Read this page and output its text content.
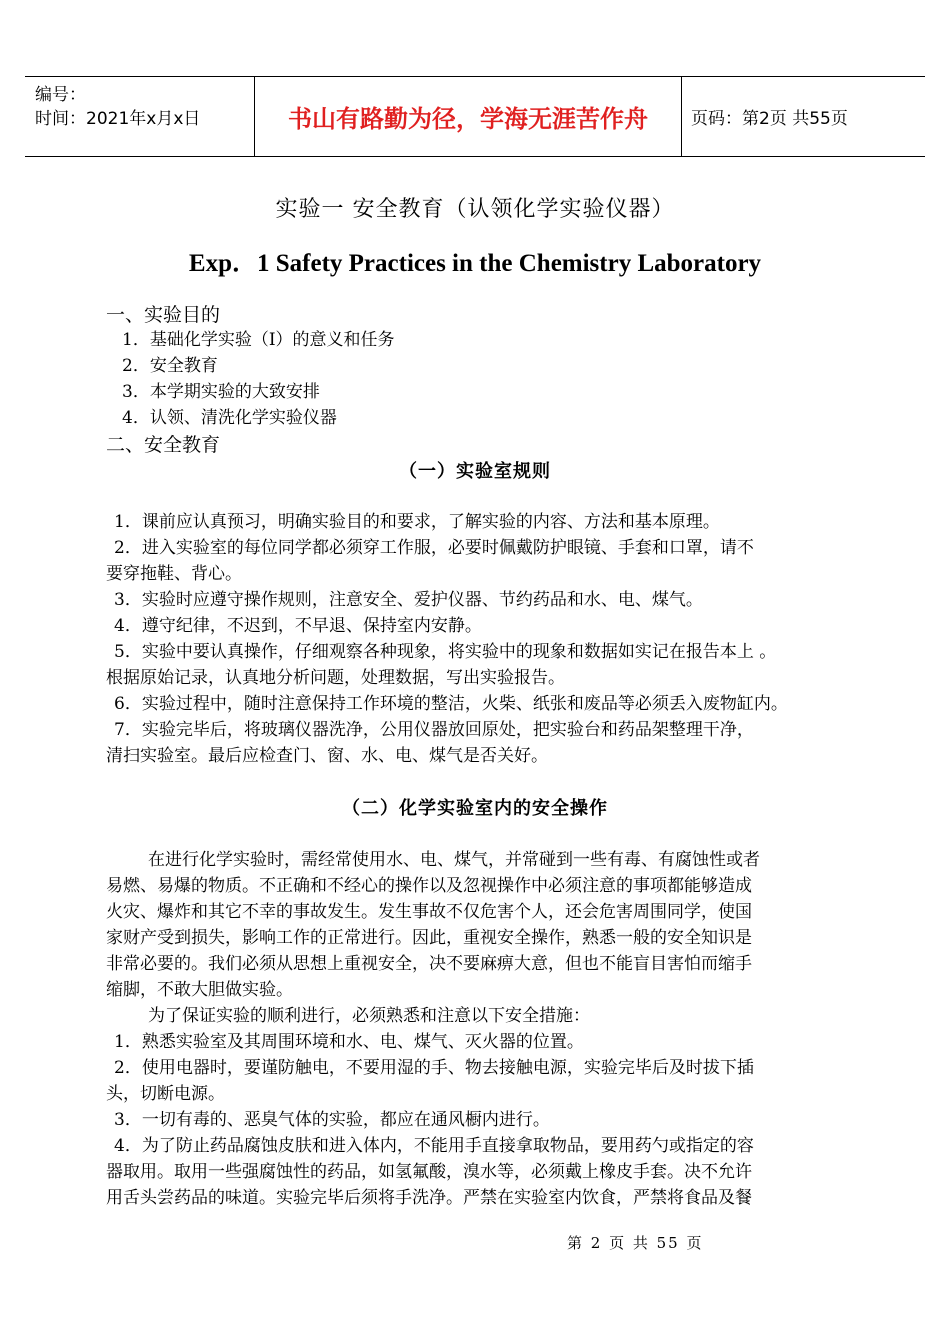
编号：
时间：2021年x月x日	书山有路勤为径，学海无涯苦作舟	页码：第2页 共55页
实验一 安全教育（认领化学实验仪器）
Exp．1 Safety Practices in the Chemistry Laboratory
一、实验目的
1．基础化学实验（I）的意义和任务
2．安全教育
3．本学期实验的大致安排
4．认领、清洗化学实验仪器
二、安全教育
（一）实验室规则
1．课前应认真预习，明确实验目的和要求，了解实验的内容、方法和基本原理。
2．进入实验室的每位同学都必须穿工作服，必要时佩戴防护眼镜、手套和口罩，请不
要穿拖鞋、背心。
3．实验时应遵守操作规则，注意安全、爱护仪器、节约药品和水、电、煤气。
4．遵守纪律，不迟到，不早退、保持室内安静。
5．实验中要认真操作，仔细观察各种现象，将实验中的现象和数据如实记在报告本上 。
根据原始记录，认真地分析问题，处理数据，写出实验报告。
6．实验过程中，随时注意保持工作环境的整洁，火柴、纸张和废品等必须丢入废物缸内。
7．实验完毕后，将玻璃仪器洗净，公用仪器放回原处，把实验台和药品架整理干净，
清扫实验室。最后应检查门、窗、水、电、煤气是否关好。
（二）化学实验室内的安全操作
在进行化学实验时，需经常使用水、电、煤气，并常碰到一些有毒、有腐蚀性或者
易燃、易爆的物质。不正确和不经心的操作以及忽视操作中必须注意的事项都能够造成
火灾、爆炸和其它不幸的事故发生。发生事故不仅危害个人，还会危害周围同学，使国
家财产受到损失，影响工作的正常进行。因此，重视安全操作，熟悉一般的安全知识是
非常必要的。我们必须从思想上重视安全，决不要麻痹大意，但也不能盲目害怕而缩手
缩脚，不敢大胆做实验。
为了保证实验的顺利进行，必须熟悉和注意以下安全措施：
1．熟悉实验室及其周围环境和水、电、煤气、灭火器的位置。
2．使用电器时，要谨防触电，不要用湿的手、物去接触电源，实验完毕后及时拔下插
头，切断电源。
3．一切有毒的、恶臭气体的实验，都应在通风橱内进行。
4．为了防止药品腐蚀皮肤和进入体内，不能用手直接拿取物品，要用药勺或指定的容
器取用。取用一些强腐蚀性的药品，如氢氟酸，溴水等，必须戴上橡皮手套。决不允许
用舌头尝药品的味道。实验完毕后须将手洗净。严禁在实验室内饮食，严禁将食品及餐
第 2 页 共 55 页
